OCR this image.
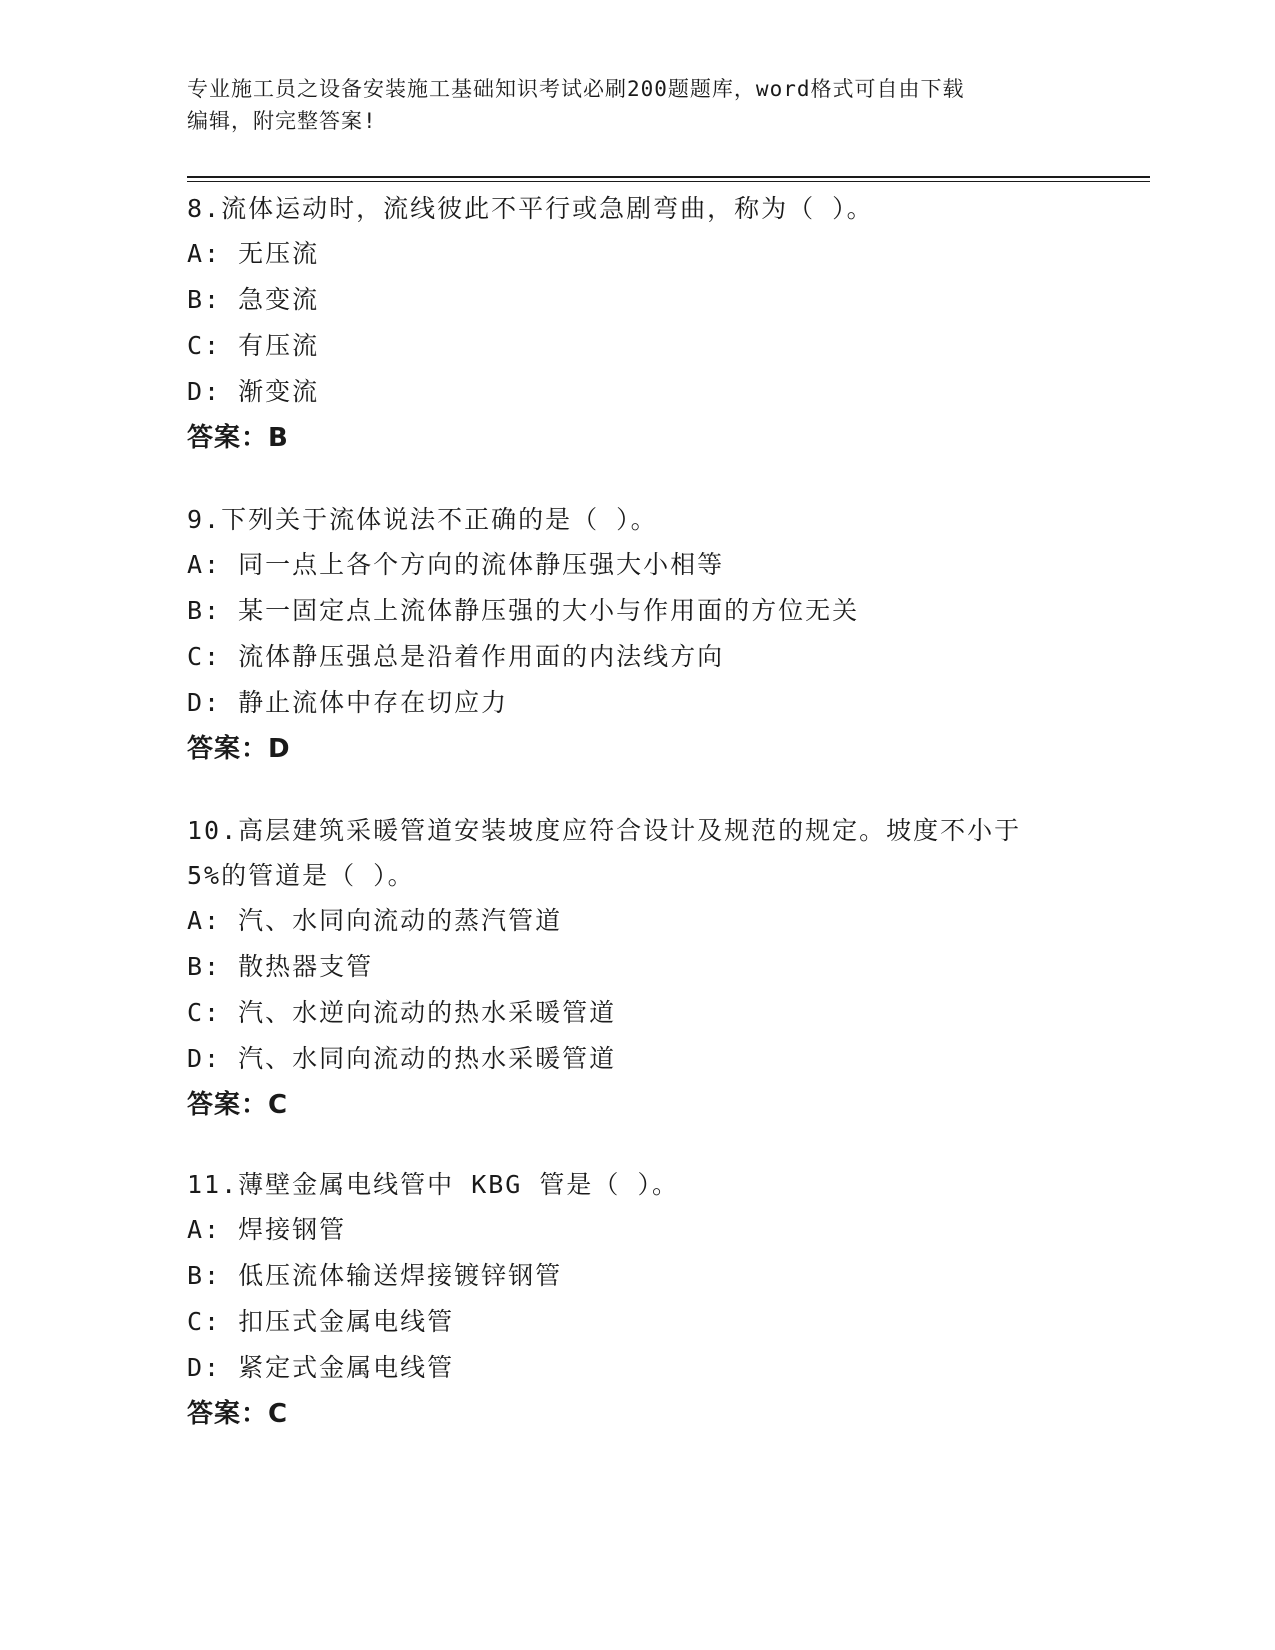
专业施工员之设备安装施工基础知识考试必刷200题题库，word格式可自由下载
编辑，附完整答案!
8.流体运动时，流线彼此不平行或急剧弯曲，称为（ ）。
A: 无压流
B: 急变流
C: 有压流
D: 渐变流
答案：B
9.下列关于流体说法不正确的是（ ）。
A: 同一点上各个方向的流体静压强大小相等
B: 某一固定点上流体静压强的大小与作用面的方位无关
C: 流体静压强总是沿着作用面的内法线方向
D: 静止流体中存在切应力
答案：D
10.高层建筑采暖管道安装坡度应符合设计及规范的规定。坡度不小于
5%的管道是（ ）。
A: 汽、水同向流动的蒸汽管道
B: 散热器支管
C: 汽、水逆向流动的热水采暖管道
D: 汽、水同向流动的热水采暖管道
答案：C
11.薄壁金属电线管中 KBG 管是（ ）。
A: 焊接钢管
B: 低压流体输送焊接镀锌钢管
C: 扣压式金属电线管
D: 紧定式金属电线管
答案：C
